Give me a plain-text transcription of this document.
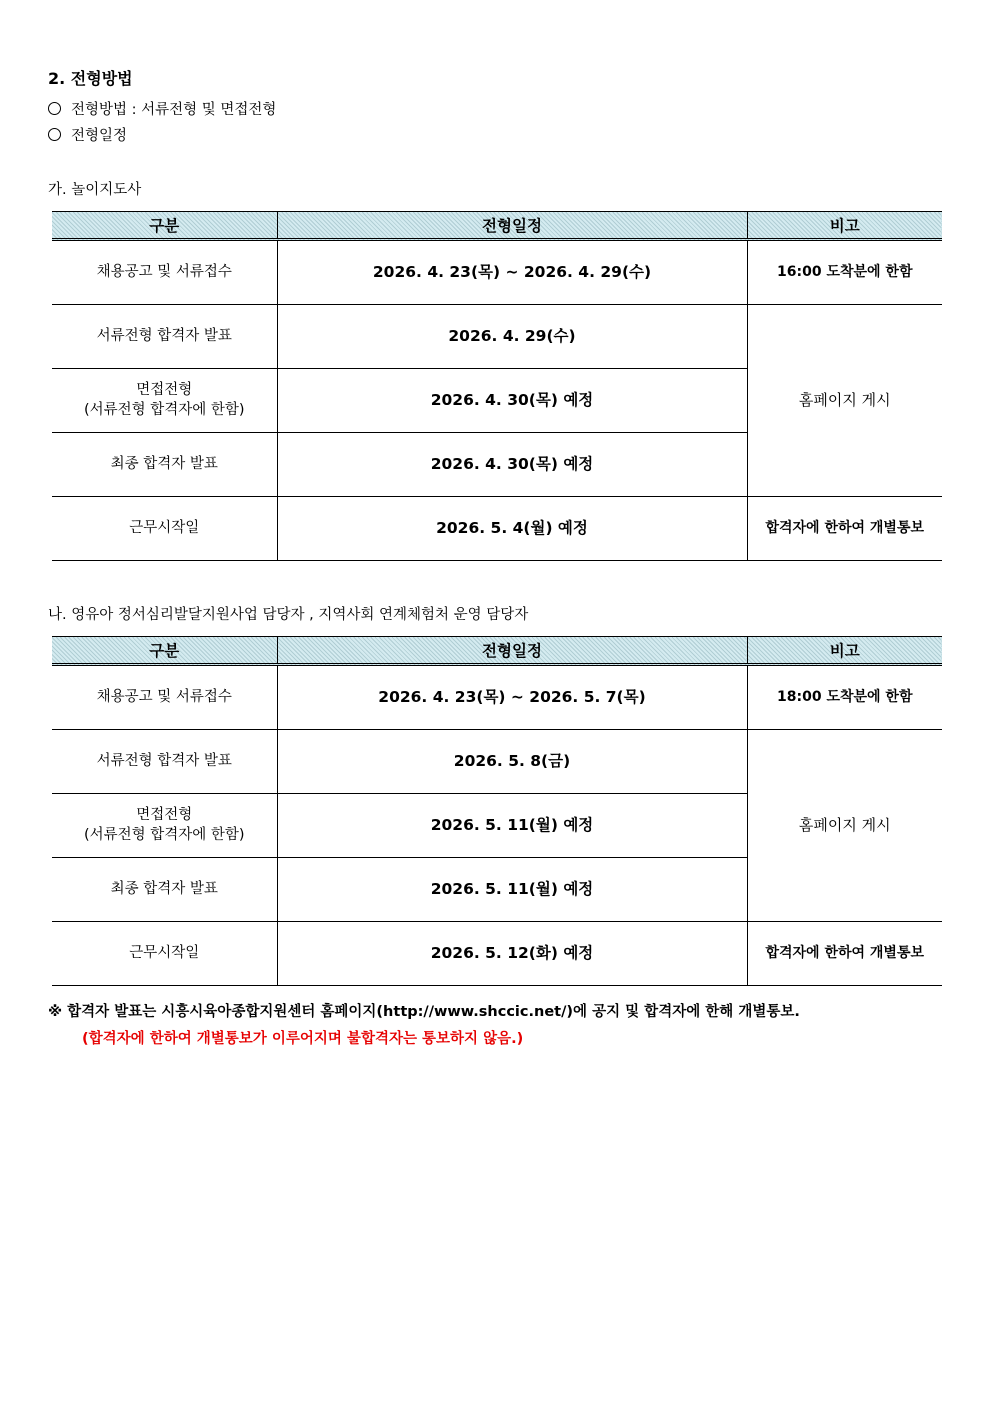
2. 전형방법
전형방법 : 서류전형 및 면접전형
전형일정
가. 놀이지도사
구분	전형일정	비고
채용공고 및 서류접수	2026. 4. 23(목) ~ 2026. 4. 29(수)	16:00 도착분에 한함
서류전형 합격자 발표	2026. 4. 29(수)	홈페이지 게시

면접전형
(서류전형 합격자에 한함)	2026. 4. 30(목) 예정	
최종 합격자 발표	2026. 4. 30(목) 예정	
근무시작일	2026. 5. 4(월) 예정	합격자에 한하여 개별통보
나. 영유아 정서심리발달지원사업 담당자 , 지역사회 연계체험처 운영 담당자
구분	전형일정	비고
채용공고 및 서류접수	2026. 4. 23(목) ~ 2026. 5. 7(목)	18:00 도착분에 한함
서류전형 합격자 발표	2026. 5. 8(금)	홈페이지 게시

면접전형
(서류전형 합격자에 한함)	2026. 5. 11(월) 예정	
최종 합격자 발표	2026. 5. 11(월) 예정	
근무시작일	2026. 5. 12(화) 예정	합격자에 한하여 개별통보
※ 합격자 발표는 시흥시육아종합지원센터 홈페이지(http://www.shccic.net/)에 공지 및 합격자에 한해 개별통보.
(합격자에 한하여 개별통보가 이루어지며 불합격자는 통보하지 않음.)
